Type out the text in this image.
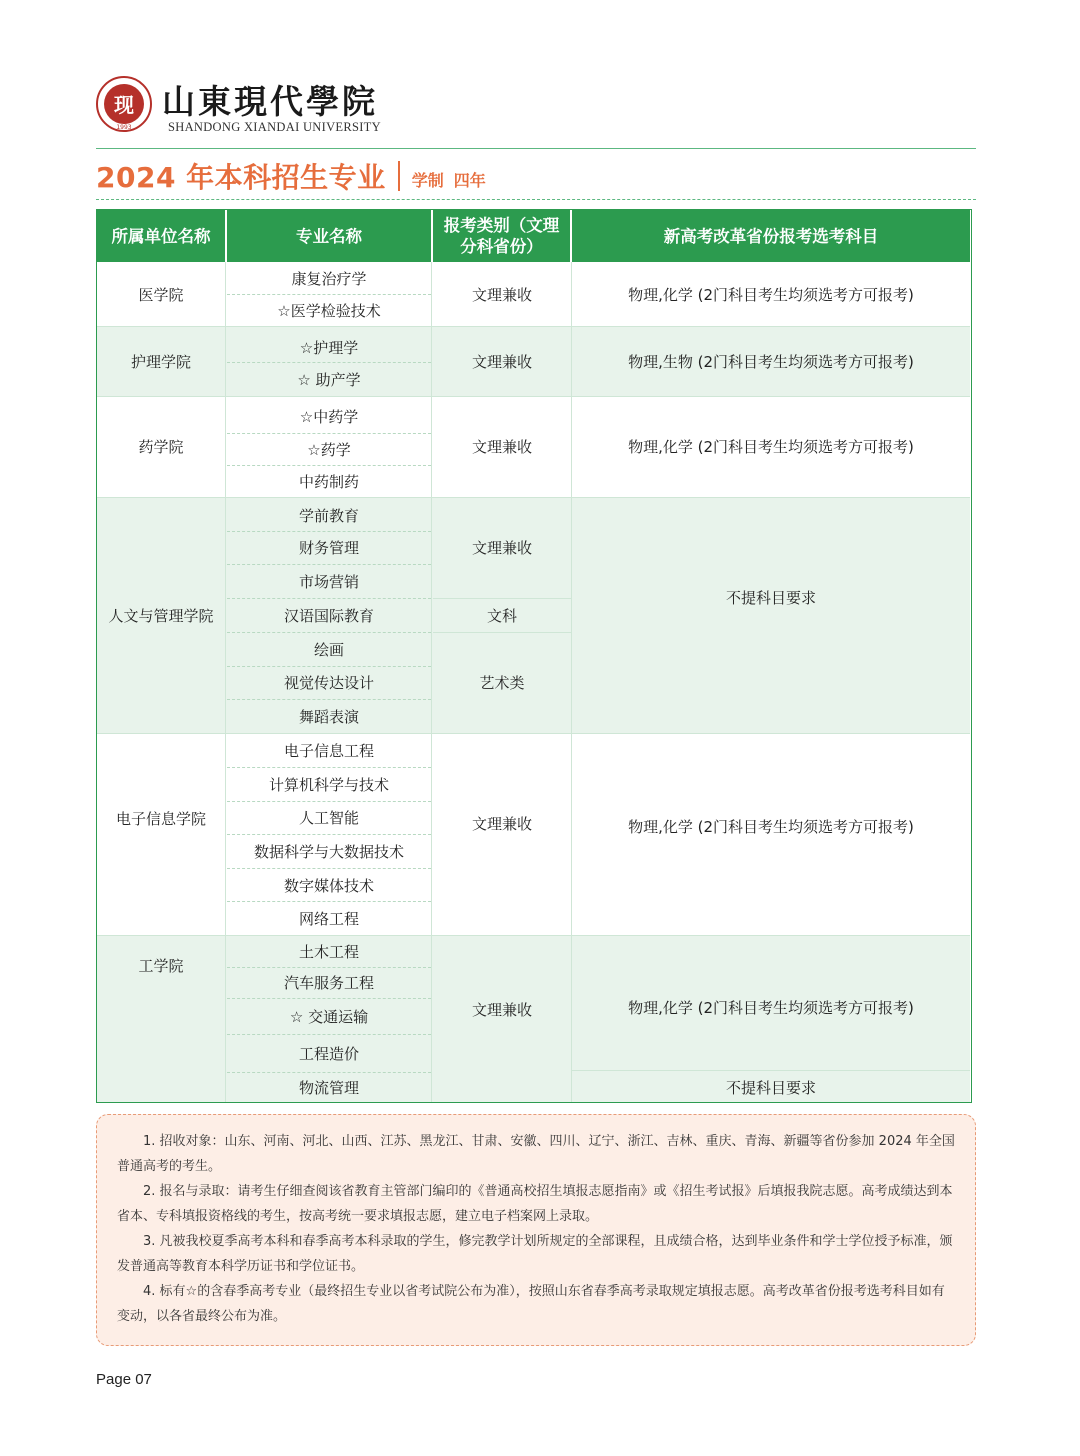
现
1993
山東現代學院
SHANDONG XIANDAI UNIVERSITY
2024 年本科招生专业 学制 四年
所属单位名称	专业名称
报考类别（文理分科省份）
新高考改革省份报考选考科目
医学院
护理学院
药学院
人文与管理学院
电子信息学院
工学院
康复治疗学
☆医学检验技术
☆护理学
☆ 助产学
☆中药学
☆药学
中药制药
学前教育
财务管理
市场营销
汉语国际教育
绘画
视觉传达设计
舞蹈表演
电子信息工程
计算机科学与技术
人工智能
数据科学与大数据技术
数字媒体技术
网络工程
土木工程
汽车服务工程
☆ 交通运输
工程造价
物流管理
文理兼收
文理兼收
文理兼收
文理兼收
文科
艺术类
文理兼收
文理兼收
物理,化学 (2门科目考生均须选考方可报考)
物理,生物 (2门科目考生均须选考方可报考)
物理,化学 (2门科目考生均须选考方可报考)
不提科目要求
物理,化学 (2门科目考生均须选考方可报考)
物理,化学 (2门科目考生均须选考方可报考)
不提科目要求

1. 招收对象：山东、河南、河北、山西、江苏、黑龙江、甘肃、安徽、四川、辽宁、浙江、吉林、重庆、青海、新疆等省份参加 2024 年全国普通高考的考生。

2. 报名与录取：请考生仔细查阅该省教育主管部门编印的《普通高校招生填报志愿指南》或《招生考试报》后填报我院志愿。高考成绩达到本省本、专科填报资格线的考生，按高考统一要求填报志愿，建立电子档案网上录取。

3. 凡被我校夏季高考本科和春季高考本科录取的学生，修完教学计划所规定的全部课程，且成绩合格，达到毕业条件和学士学位授予标准，颁发普通高等教育本科学历证书和学位证书。

4. 标有☆的含春季高考专业（最终招生专业以省考试院公布为准），按照山东省春季高考录取规定填报志愿。高考改革省份报考选考科目如有变动，以各省最终公布为准。

Page 07
